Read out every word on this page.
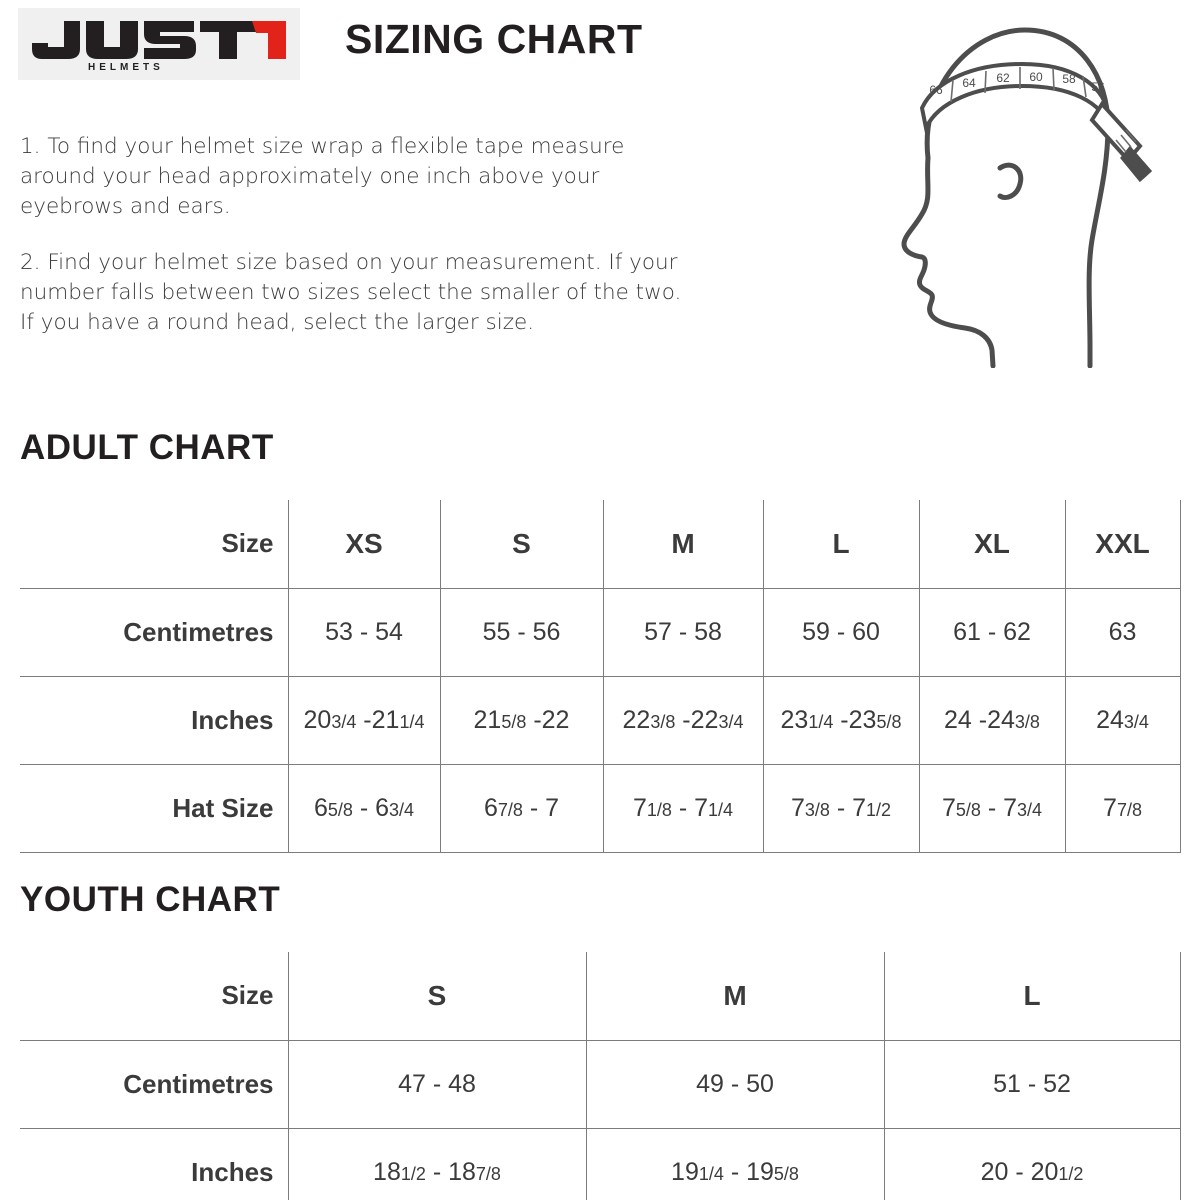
HELMETS
SIZING CHART

1. To find your helmet size wrap a flexible tape measure around your head approximately one inch above your eyebrows and ears.

2. Find your helmet size based on your measurement. If your number falls between two sizes select the smaller of the two. If you have a round head, select the larger size.

66 64 62 60 58
56
ADULT CHART
Size	XS	S	M	L	XL	XXL
Centimetres	53 - 54	55 - 56	57 - 58	59 - 60	61 - 62	63
Inches	203/4 -211/4	215/8 -22	223/8 -223/4	231/4 -235/8	24 -243/8	243/4
Hat Size	65/8 - 63/4	67/8 - 7	71/8 - 71/4	73/8 - 71/2	75/8 - 73/4	77/8
YOUTH CHART
Size	S	M	L
Centimetres	47 - 48	49 - 50	51 - 52
Inches	181/2 - 187/8	191/4 - 195/8	20 - 201/2
